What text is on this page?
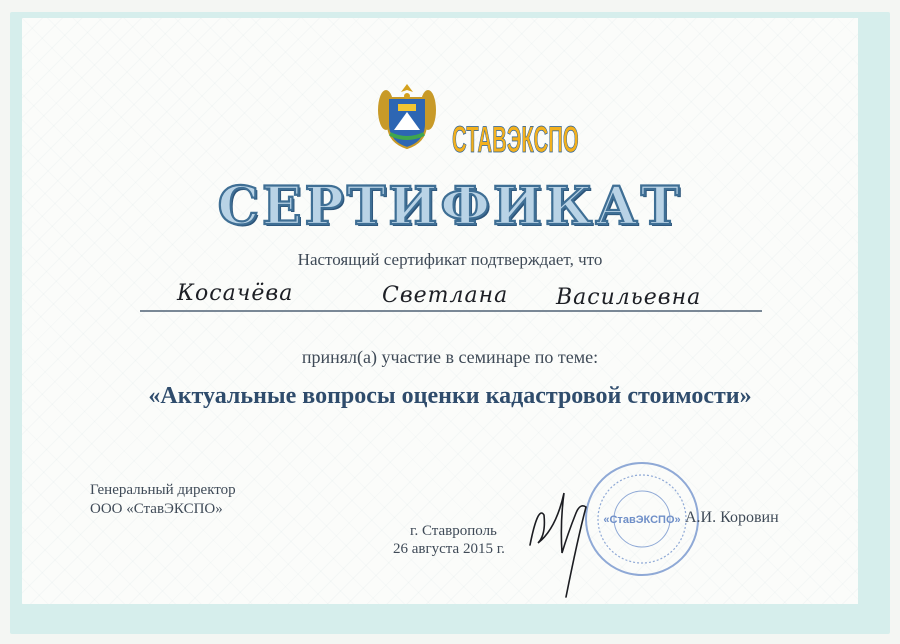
СТАВЭКСПО
СЕРТИФИКАТ
Настоящий сертификат подтверждает, что
Косачёва	Светлана Васильевна
принял(а) участие в семинаре по теме:
«Актуальные вопросы оценки кадастровой стоимости»
Генеральный директор
ООО «СтавЭКСПО»
г. Ставрополь
26 августа 2015 г.
«СтавЭКСПО» А.И. Коровин
